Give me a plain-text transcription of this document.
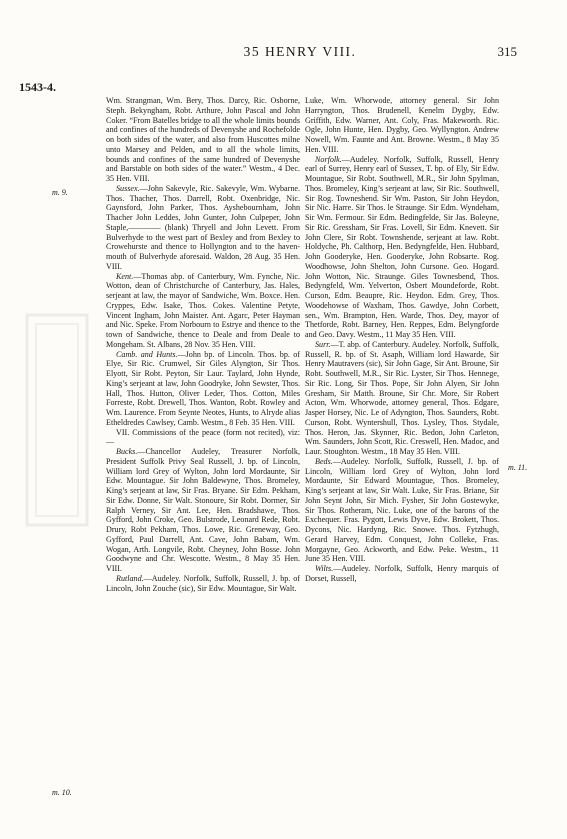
35 HENRY VIII.	315
1543-4.
m. 9.
m. 10.
m. 11.

Wm. Strangman, Wm. Bery, Thos. Darcy, Ric. Osborne, Steph. Bekyngham, Robt. Arthure, John Pascal and John Coker. “From Batelles bridge to all the whole limits bounds and confines of the hundreds of Devenyshe and Rochefolde on both sides of the water, and also from Huscottes milne unto Marsey and Pelden, and to all the whole limits, bounds and confines of the same hundred of Devenyshe and Barstable on both sides of the water.” Westm., 4 Dec. 35 Hen. VIII.

Sussex.—John Sakevyle, Ric. Sakevyle, Wm. Wybarne. Thos. Thacher, Thos. Darrell, Robt. Oxenbridge, Nic. Gaynsford, John Parker, Thos. Ayshebournham, John Thacher John Leddes, John Gunter, John Culpeper, John Staple,———— (blank) Thryell and John Levett. From Bulverhyde to the west part of Bexley and from Bexley to Crowehurste and thence to Hollyngton and to the haven-mouth of Bulverhyde aforesaid. Waldon, 28 Aug. 35 Hen. VIII.

Kent.—Thomas abp. of Canterbury, Wm. Fynche, Nic. Wotton, dean of Christchurche of Canterbury, Jas. Hales, serjeant at law, the mayor of Sandwiche, Wm. Boxce. Hen. Cryppes, Edw. Isake, Thos. Cokes. Valentine Petyte, Vincent Ingham, John Maister. Ant. Agarc, Peter Hayman and Nic. Speke. From Norbourn to Estrye and thence to the town of Sandwiche, thence to Deale and from Deale to Mongeham. St. Albans, 28 Nov. 35 Hen. VIII.

Camb. and Hunts.—John bp. of Lincoln. Thos. bp. of Elye, Sir Ric. Crumwel, Sir Giles Alyngton, Sir Thos. Elyott, Sir Robt. Peyton, Sir Laur. Taylard, John Hynde, King’s serjeant at law, John Goodryke, John Sewster, Thos. Hall, Thos. Hutton, Oliver Leder, Thos. Cotton, Miles Forreste, Robt. Drewell, Thos. Wanton, Robt. Rowley and Wm. Laurence. From Seynte Neotes, Hunts, to Alryde alias Etheldredes Cawlsey, Camb. Westm., 8 Feb. 35 Hen. VIII.

VII. Commissions of the peace (form not recited), viz:—

Bucks.—Chancellor Audeley, Treasurer Norfolk, President Suffolk Privy Seal Russell, J. bp. of Lincoln, William lord Grey of Wylton, John lord Mordaunte, Sir Edw. Mountague. Sir John Baldewyne, Thos. Bromeley, King’s serjeant at law, Sir Fras. Bryane. Sir Edm. Pekham, Sir Edw. Donne, Sir Walt. Stonoure, Sir Robt. Dormer, Sir Ralph Verney, Sir Ant. Lee, Hen. Bradshawe, Thos. Gyfford, John Croke, Geo. Bulstrode, Leonard Rede, Robt. Drury, Robt Pekham, Thos. Lowe, Ric. Greneway, Geo. Gyfford, Paul Darrell, Ant. Cave, John Babam, Wm. Wogan, Arth. Longvile, Robt. Cheyney, John Bosse. John Goodwyne and Chr. Wescotte. Westm., 8 May 35 Hen. VIII.

Rutland.—Audeley. Norfolk, Suffolk, Russell, J. bp. of Lincoln, John Zouche (sic), Sir Edw. Mountague, Sir Walt.

Luke, Wm. Whorwode, attorney general. Sir John Harryngton, Thos. Brudenell, Kenelm Dygby, Edw. Griffith, Edw. Warner, Ant. Coly, Fras. Makeworth. Ric. Ogle, John Hunte, Hen. Dygby, Geo. Wyllyngton. Andrew Nowell, Wm. Faunte and Ant. Browne. Westm., 8 May 35 Hen. VIII.

Norfolk.—Audeley. Norfolk, Suffolk, Russell, Henry earl of Surrey, Henry earl of Sussex, T. bp. of Ely, Sir Edw. Mountague, Sir Robt. Southwell, M.R., Sir John Spylman, Thos. Bromeley, King’s serjeant at law, Sir Ric. Southwell, Sir Rog. Towneshend. Sir Wm. Paston, Sir John Heydon, Sir Nic. Harre. Sir Thos. le Straunge. Sir Edm. Wyndeham, Sir Wm. Fermour. Sir Edm. Bedingfelde, Sir Jas. Boleyne, Sir Ric. Gressham, Sir Fras. Lovell, Sir Edm. Knevett. Sir John Clere, Sir Robt. Townshende, serjeant at law. Robt. Holdyche, Ph. Calthorp, Hen. Bedyngfelde, Hen. Hubbard, John Gooderyke, Hen. Gooderyke, John Robsarte. Rog. Woodhowse, John Shelton, John Cursone. Geo. Hogard. John Wotton, Nic. Straunge. Giles Townesbend, Thos. Bedyngfeld, Wm. Yelverton, Osbert Moundeforde, Robt. Curson, Edm. Beaupre, Ric. Heydon. Edm. Grey, Thos. Woodehowse of Waxham, Thos. Gawdye, John Corbett, sen., Wm. Brampton, Hen. Warde, Thos. Dey, mayor of Thetforde, Robt. Barney, Hen. Reppes, Edm. Belyngforde and Geo. Davy. Westm., 11 May 35 Hen. VIII.

Surr.—T. abp. of Canterbury. Audeley. Norfolk, Suffolk, Russell, R. bp. of St. Asaph, William lord Hawarde, Sir Henry Mautravers (sic), Sir John Gage, Sir Ant. Broune, Sir Robt. Southwell, M.R., Sir Ric. Lyster, Sir Thos. Hennege, Sir Ric. Long, Sir Thos. Pope, Sir John Alyen, Sir John Gresham, Sir Matth. Broune, Sir Chr. More, Sir Robert Acton, Wm. Whorwode, attorney general, Thos. Edgare, Jasper Horsey, Nic. Le of Adyngton, Thos. Saunders, Robt. Curson, Robt. Wyntershull, Thos. Lysley, Thos. Stydale, Thos. Heron, Jas. Skynner, Ric. Bedon, John Carleton, Wm. Saunders, John Scott, Ric. Creswell, Hen. Madoc, and Laur. Stoughton. Westm., 18 May 35 Hen. VIII.

Beds.—Audeley. Norfolk, Suffolk, Russell, J. bp. of Lincoln, William lord Grey of Wylton, John lord Mordaunte, Sir Edward Mountague, Thos. Bromeley, King’s serjeant at law, Sir Walt. Luke, Sir Fras. Briane, Sir John Seynt John, Sir Mich. Fysher, Sir John Gostewyke, Sir Thos. Rotheram, Nic. Luke, one of the barons of the Exchequer. Fras. Pygott, Lewis Dyve, Edw. Brokett, Thos. Dycons, Nic. Hardyng, Ric. Snowe. Thos. Fytzhugh, Gerard Harvey, Edm. Conquest, John Colleke, Fras. Morgayne, Geo. Ackworth, and Edw. Peke. Westm., 11 June 35 Hen. VIII.

Wilts.—Audeley. Norfolk, Suffolk, Henry marquis of Dorset, Russell,
